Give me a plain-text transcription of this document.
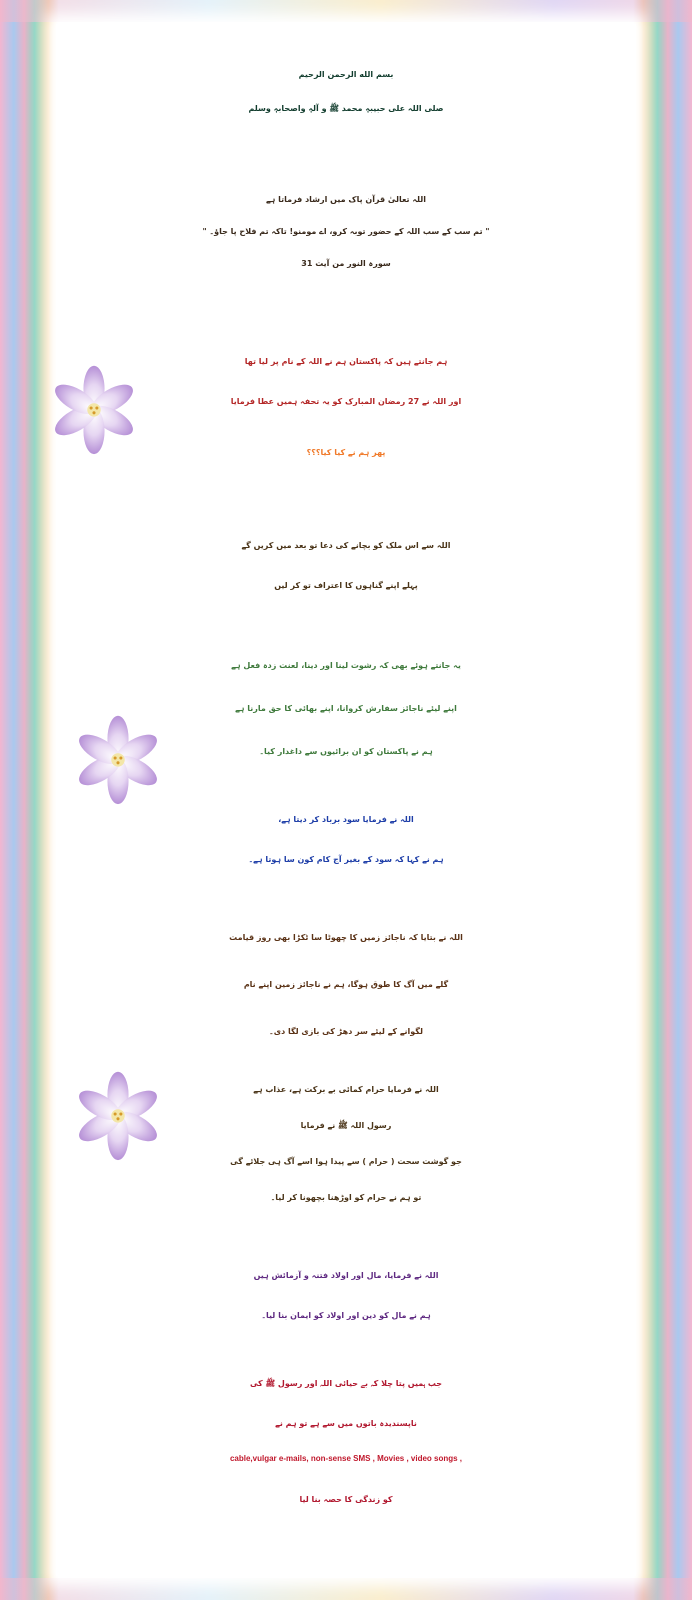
بسم الله الرحمن الرحیم
صلی اللہ علی حبیبہٖ محمد ﷺ و آلہٖ واصحابہٖ وسلم
اللہ تعالیٰ قرآن پاک میں ارشاد فرماتا ہے
" تم سب کے سب اللہ کے حضور توبہ کرو، اے مومنو! تاکہ تم فلاح پا جاؤ۔ "
سورہ النور من آیت 31
ہم جانتے ہیں کہ پاکستان ہم نے اللہ کے نام پر لیا تھا
اور اللہ نے 27 رمضان المبارک کو یہ تحفہ ہمیں عطا فرمایا
پھر ہم نے کیا کیا؟؟؟
اللہ سے اس ملک کو بچانے کی دعا تو بعد میں کریں گے
پہلے اپنے گناہوں کا اعتراف تو کر لیں
یہ جانتے ہوئے بھی کہ رشوت لینا اور دینا، لعنت زدہ فعل ہے
اپنے لیئے ناجائز سفارش کروانا، اپنے بھائی کا حق مارنا ہے
ہم نے پاکستان کو ان برائیوں سے داغدار کیا۔
اللہ نے فرمایا سود برباد کر دیتا ہے،
ہم نے کہا کہ سود کے بغیر آج کام کون سا ہوتا ہے۔
اللہ نے بتایا کہ ناجائز زمیں کا چھوٹا سا ٹکڑا بھی روز قیامت
گلے میں آگ کا طوق ہوگا، ہم نے ناجائز زمین اپنے نام
لگوانے کے لیئے سر دھڑ کی بازی لگا دی۔
اللہ نے فرمایا حرام کمائی بے برکت ہے، عذاب ہے
رسول اللہ ﷺ نے فرمایا
جو گوشت سحت ( حرام ) سے پیدا ہوا اسے آگ ہی جلائے گی
تو ہم نے حرام کو اوڑھنا بچھونا کر لیا۔
اللہ نے فرمایا، مال اور اولاد فتنہ و آزمائش ہیں
ہم نے مال کو دین اور اولاد کو ایمان بنا لیا۔
جب ہمیں پتا چلا کہ بے حیائی اللہ اور رسول ﷺ کی
ناپسندیدہ باتوں میں سے ہے تو ہم نے
cable,vulgar e-mails, non-sense SMS , Movies , video songs ,
کو زندگی کا حصہ بنا لیا
